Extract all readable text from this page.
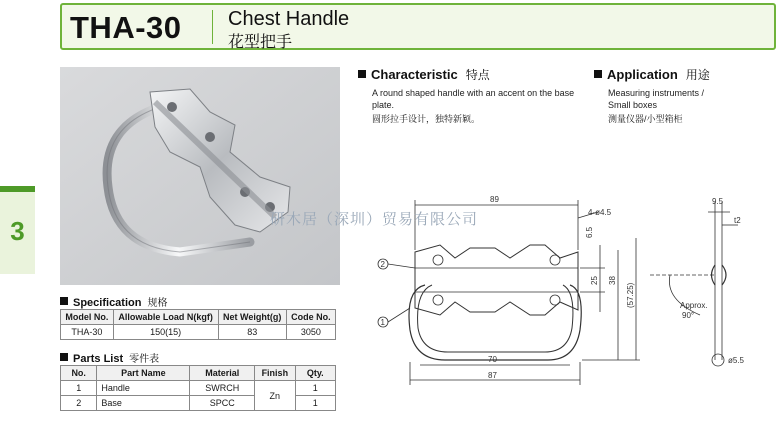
THA-30 Chest Handle
花型把手
3
Characteristic 特点
A round shaped handle with an accent on the base plate.
圆形拉手设计，独特新颖。
Application 用途
Measuring instruments /
Small boxes
测量仪器/小型箱柜
Specification 规格
Model No.	Allowable Load N(kgf)	Net Weight(g)	Code No.
THA-30	150(15)	83	3050
Parts List 零件表
No.	Part Name	Material	Finish	Qty.
1	Handle	SWRCH	Zn	1
2	Base	SPCC		1
2
1
89
70
87
4-ø4.5
6.5
25 38
(57.25)
9.5
t2
Approx.
90°
ø5.5
研木居（深圳）贸易有限公司
